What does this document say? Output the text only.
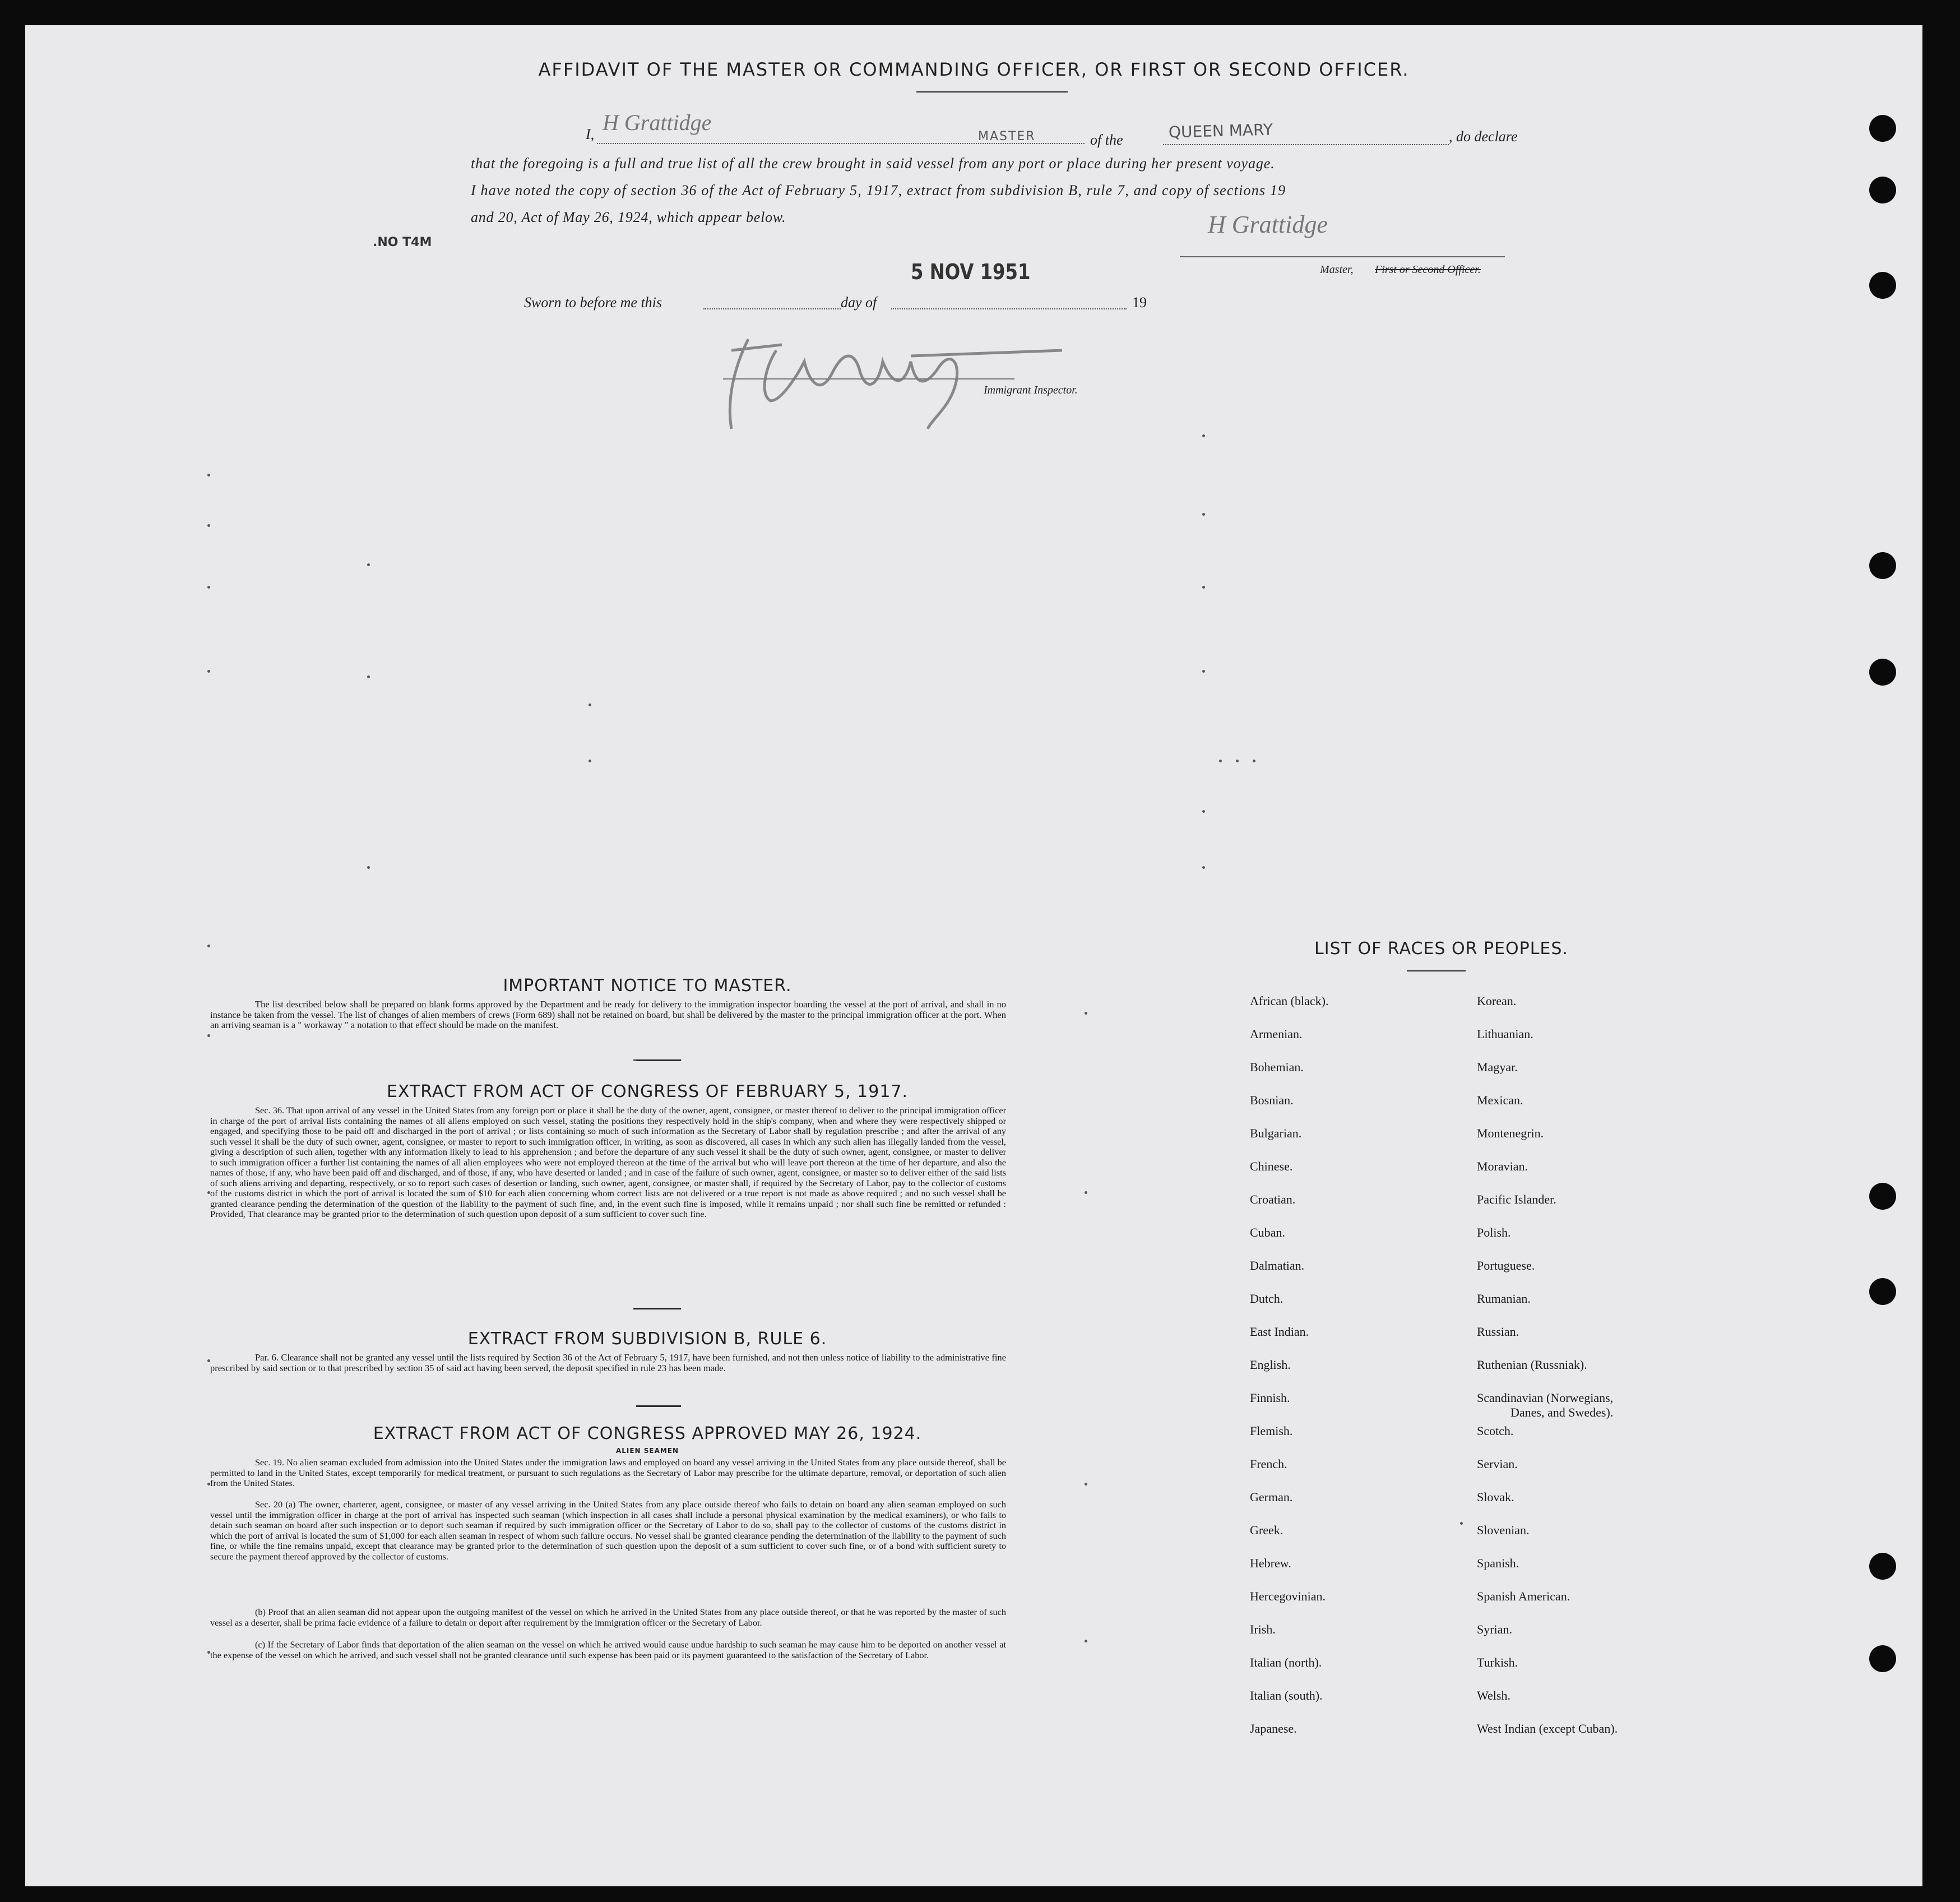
AFFIDAVIT OF THE MASTER OR COMMANDING OFFICER, OR FIRST OR SECOND OFFICER.
I, H Grattidge
MASTER	of the	QUEEN MARY	, do declare
that the foregoing is a full and true list of all the crew brought in said vessel from any port or place during her present voyage.
I have noted the copy of section 36 of the Act of February 5, 1917, extract from subdivision B, rule 7, and copy of sections 19
and 20, Act of May 26, 1924, which appear below.
.NO T4M
H Grattidge
Master, First or Second Officer.
5 NOV 1951
Sworn to before me this	day of	19
Immigrant Inspector.
IMPORTANT NOTICE TO MASTER.
The list described below shall be prepared on blank forms approved by the Department and be ready for delivery to the immigration inspector boarding the vessel at the port of arrival, and shall in no instance be taken from the vessel. The list of changes of alien members of crews (Form 689) shall not be retained on board, but shall be delivered by the master to the principal immigration officer at the port. When an arriving seaman is a " workaway " a notation to that effect should be made on the manifest.
EXTRACT FROM ACT OF CONGRESS OF FEBRUARY 5, 1917.
Sec. 36. That upon arrival of any vessel in the United States from any foreign port or place it shall be the duty of the owner, agent, consignee, or master thereof to deliver to the principal immigration officer in charge of the port of arrival lists containing the names of all aliens employed on such vessel, stating the positions they respectively hold in the ship's company, when and where they were respectively shipped or engaged, and specifying those to be paid off and discharged in the port of arrival ; or lists containing so much of such information as the Secretary of Labor shall by regulation prescribe ; and after the arrival of any such vessel it shall be the duty of such owner, agent, consignee, or master to report to such immigration officer, in writing, as soon as discovered, all cases in which any such alien has illegally landed from the vessel, giving a description of such alien, together with any information likely to lead to his apprehension ; and before the departure of any such vessel it shall be the duty of such owner, agent, consignee, or master to deliver to such immigration officer a further list containing the names of all alien employees who were not employed thereon at the time of the arrival but who will leave port thereon at the time of her departure, and also the names of those, if any, who have been paid off and discharged, and of those, if any, who have deserted or landed ; and in case of the failure of such owner, agent, consignee, or master so to deliver either of the said lists of such aliens arriving and departing, respectively, or so to report such cases of desertion or landing, such owner, agent, consignee, or master shall, if required by the Secretary of Labor, pay to the collector of customs of the customs district in which the port of arrival is located the sum of $10 for each alien concerning whom correct lists are not delivered or a true report is not made as above required ; and no such vessel shall be granted clearance pending the determination of the question of the liability to the payment of such fine, and, in the event such fine is imposed, while it remains unpaid ; nor shall such fine be remitted or refunded : Provided, That clearance may be granted prior to the determination of such question upon deposit of a sum sufficient to cover such fine.
EXTRACT FROM SUBDIVISION B, RULE 6.
Par. 6. Clearance shall not be granted any vessel until the lists required by Section 36 of the Act of February 5, 1917, have been furnished, and not then unless notice of liability to the administrative fine prescribed by said section or to that prescribed by section 35 of said act having been served, the deposit specified in rule 23 has been made.
EXTRACT FROM ACT OF CONGRESS APPROVED MAY 26, 1924.
ALIEN SEAMEN
Sec. 19. No alien seaman excluded from admission into the United States under the immigration laws and employed on board any vessel arriving in the United States from any place outside thereof, shall be permitted to land in the United States, except temporarily for medical treatment, or pursuant to such regulations as the Secretary of Labor may prescribe for the ultimate departure, removal, or deportation of such alien from the United States.
Sec. 20 (a) The owner, charterer, agent, consignee, or master of any vessel arriving in the United States from any place outside thereof who fails to detain on board any alien seaman employed on such vessel until the immigration officer in charge at the port of arrival has inspected such seaman (which inspection in all cases shall include a personal physical examination by the medical examiners), or who fails to detain such seaman on board after such inspection or to deport such seaman if required by such immigration officer or the Secretary of Labor to do so, shall pay to the collector of customs of the customs district in which the port of arrival is located the sum of $1,000 for each alien seaman in respect of whom such failure occurs. No vessel shall be granted clearance pending the determination of the liability to the payment of such fine, or while the fine remains unpaid, except that clearance may be granted prior to the determination of such question upon the deposit of a sum sufficient to cover such fine, or of a bond with sufficient surety to secure the payment thereof approved by the collector of customs.
(b) Proof that an alien seaman did not appear upon the outgoing manifest of the vessel on which he arrived in the United States from any place outside thereof, or that he was reported by the master of such vessel as a deserter, shall be prima facie evidence of a failure to detain or deport after requirement by the immigration officer or the Secretary of Labor.
(c) If the Secretary of Labor finds that deportation of the alien seaman on the vessel on which he arrived would cause undue hardship to such seaman he may cause him to be deported on another vessel at the expense of the vessel on which he arrived, and such vessel shall not be granted clearance until such expense has been paid or its payment guaranteed to the satisfaction of the Secretary of Labor.
LIST OF RACES OR PEOPLES.
African (black).
Armenian.
Bohemian.
Bosnian.
Bulgarian.
Chinese.
Croatian.
Cuban.
Dalmatian.
Dutch.
East Indian.
English.
Finnish.
Flemish.
French.
German.
Greek.
Hebrew.
Hercegovinian.
Irish.
Italian (north).
Italian (south).
Japanese.
Korean.
Lithuanian.
Magyar.
Mexican.
Montenegrin.
Moravian.
Pacific Islander.
Polish.
Portuguese.
Rumanian.
Russian.
Ruthenian (Russniak).
Scandinavian (Norwegians,
Danes, and Swedes).
Scotch.
Servian.
Slovak.
Slovenian.
Spanish.
Spanish American.
Syrian.
Turkish.
Welsh.
West Indian (except Cuban).
